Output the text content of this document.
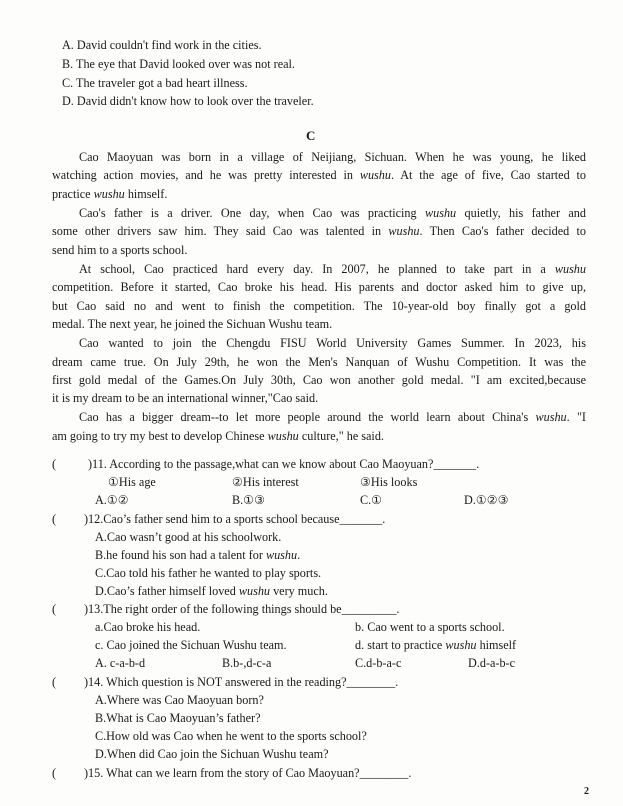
A. David couldn't find work in the cities.
B. The eye that David looked over was not real.
C. The traveler got a bad heart illness.
D. David didn't know how to look over the traveler.
C
Cao Maoyuan was born in a village of Neijiang, Sichuan. When he was young, he liked
watching action movies, and he was pretty interested in wushu. At the age of five, Cao started to
practice wushu himself.
Cao's father is a driver. One day, when Cao was practicing wushu quietly, his father and
some other drivers saw him. They said Cao was talented in wushu. Then Cao's father decided to
send him to a sports school.
At school, Cao practiced hard every day. In 2007, he planned to take part in a wushu
competition. Before it started, Cao broke his head. His parents and doctor asked him to give up,
but Cao said no and went to finish the competition. The 10-year-old boy finally got a gold
medal. The next year, he joined the Sichuan Wushu team.
Cao wanted to join the Chengdu FISU World University Games Summer. In 2023, his
dream came true. On July 29th, he won the Men's Nanquan of Wushu Competition. It was the
first gold medal of the Games.On July 30th, Cao won another gold medal. "I am excited,because
it is my dream to be an international winner,"Cao said.
Cao has a bigger dream--to let more people around the world learn about China's wushu. "I
am going to try my best to develop Chinese wushu culture," he said.
(	)11. According to the passage,what can we know about Cao Maoyuan?_______.
①His age	②His interest	③His looks
A.①②	B.①③	C.①	D.①②③
( )12.Cao’s father send him to a sports school because_______.
A.Cao wasn’t good at his schoolwork.
B.he found his son had a talent for wushu.
C.Cao told his father he wanted to play sports.
D.Cao’s father himself loved wushu very much.
( )13.The right order of the following things should be_________.
a.Cao broke his head.	b. Cao went to a sports school.
c. Cao joined the Sichuan Wushu team.	d. start to practice wushu himself
A. c-a-b-d	B.b-,d-c-a	C.d-b-a-c	D.d-a-b-c
( )14. Which question is NOT answered in the reading?________.
A.Where was Cao Maoyuan born?
B.What is Cao Maoyuan’s father?
C.How old was Cao when he went to the sports school?
D.When did Cao join the Sichuan Wushu team?
( )15. What can we learn from the story of Cao Maoyuan?________.
2
